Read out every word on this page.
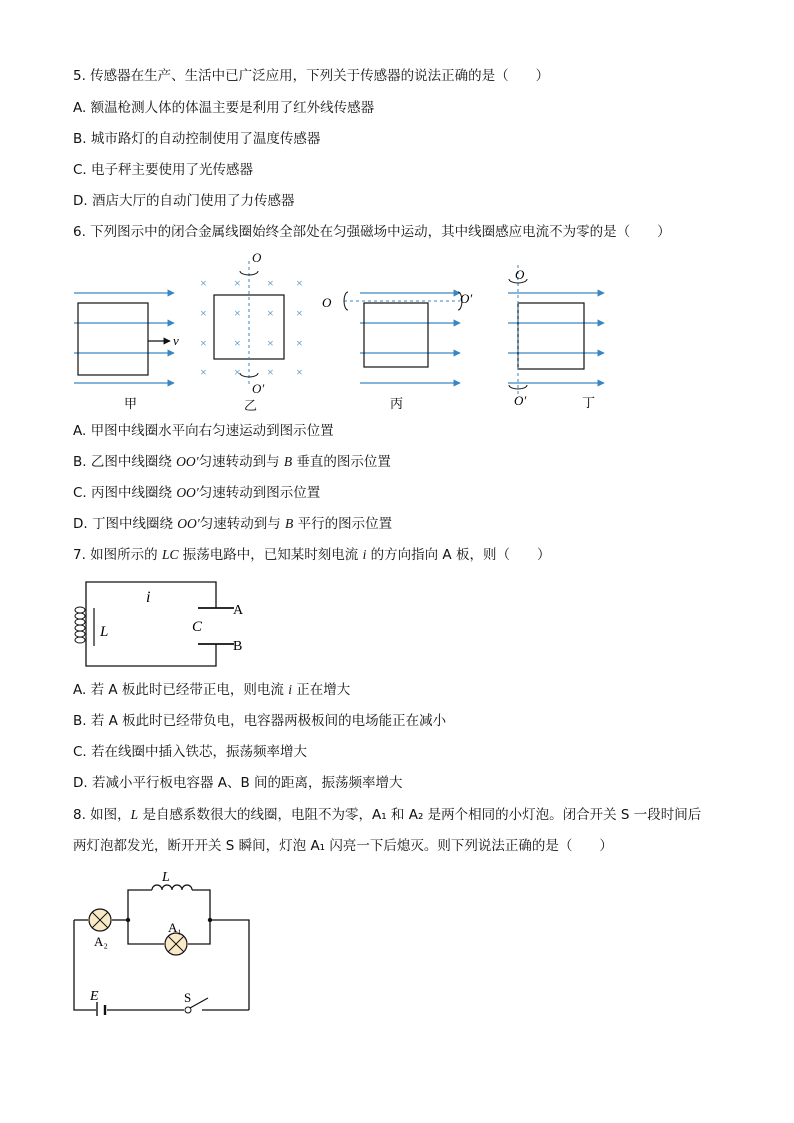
5. 传感器在生产、生活中已广泛应用，下列关于传感器的说法正确的是（　　）
A. 额温枪测人体的体温主要是利用了红外线传感器
B. 城市路灯的自动控制使用了温度传感器
C. 电子秤主要使用了光传感器
D. 酒店大厅的自动门使用了力传感器
6. 下列图示中的闭合金属线圈始终全部处在匀强磁场中运动，其中线圈感应电流不为零的是（　　）
v
甲
× × × ×
× × × ×
× × × ×
× × × ×
O
O′
乙
O	O′
丙
O
O′	丁
A. 甲图中线圈水平向右匀速运动到图示位置
B. 乙图中线圈绕 OO′匀速转动到与 B 垂直的图示位置
C. 丙图中线圈绕 OO′匀速转动到图示位置
D. 丁图中线圈绕 OO′匀速转动到与 B 平行的图示位置
7. 如图所示的 LC 振荡电路中，已知某时刻电流 i 的方向指向 A 板，则（　　）
i
L	C
A
B
A. 若 A 板此时已经带正电，则电流 i 正在增大
B. 若 A 板此时已经带负电，电容器两极板间的电场能正在减小
C. 若在线圈中插入铁芯，振荡频率增大
D. 若减小平行板电容器 A、B 间的距离，振荡频率增大
8. 如图，L 是自感系数很大的线圈，电阻不为零，A₁ 和 A₂ 是两个相同的小灯泡。闭合开关 S 一段时间后
两灯泡都发光，断开开关 S 瞬间，灯泡 A₁ 闪亮一下后熄灭。则下列说法正确的是（　　）
L
A₁
A₂
E	S
